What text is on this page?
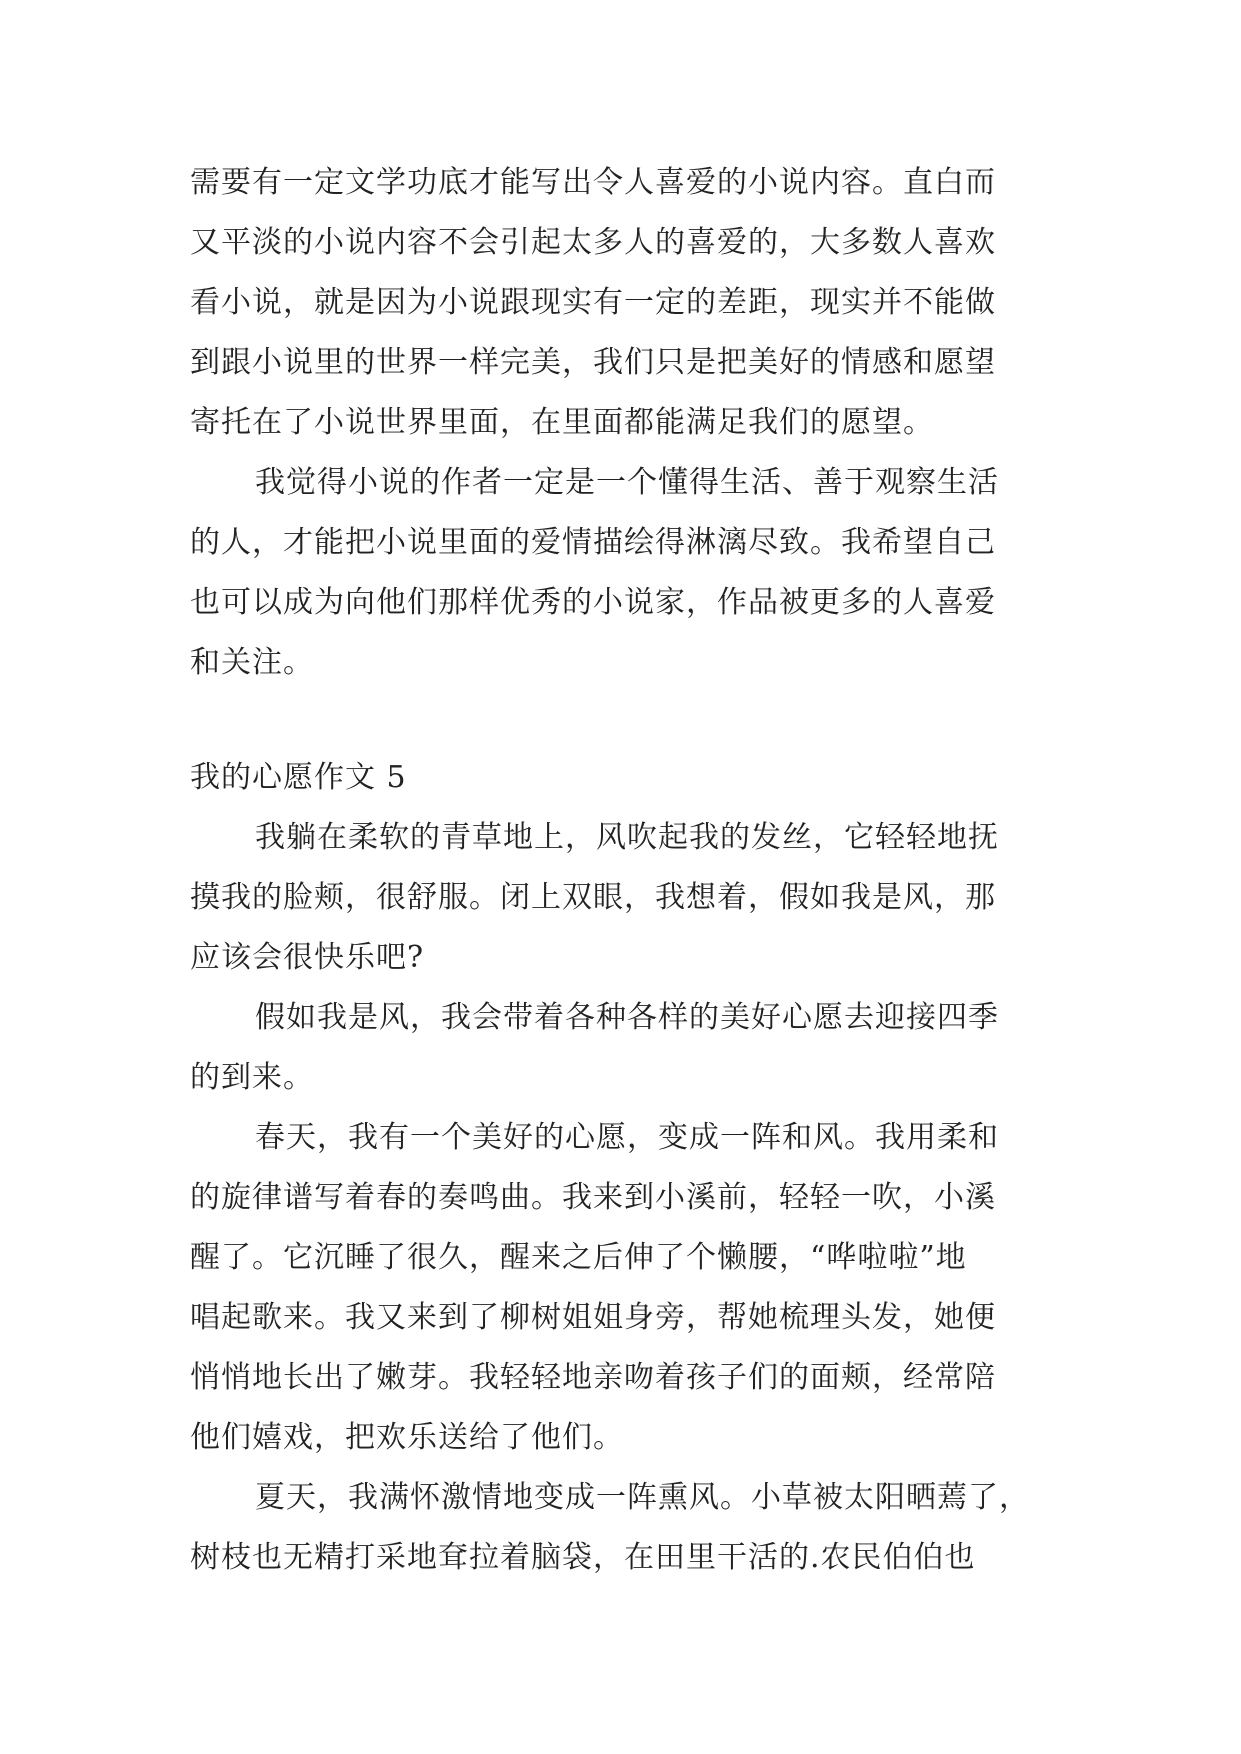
需要有一定文学功底才能写出令人喜爱的小说内容。直白而
又平淡的小说内容不会引起太多人的喜爱的，大多数人喜欢
看小说，就是因为小说跟现实有一定的差距，现实并不能做
到跟小说里的世界一样完美，我们只是把美好的情感和愿望
寄托在了小说世界里面，在里面都能满足我们的愿望。
我觉得小说的作者一定是一个懂得生活、善于观察生活
的人，才能把小说里面的爱情描绘得淋漓尽致。我希望自己
也可以成为向他们那样优秀的小说家，作品被更多的人喜爱
和关注。
我的心愿作文 5
我躺在柔软的青草地上，风吹起我的发丝，它轻轻地抚
摸我的脸颊，很舒服。闭上双眼，我想着，假如我是风，那
应该会很快乐吧?
假如我是风，我会带着各种各样的美好心愿去迎接四季
的到来。
春天，我有一个美好的心愿，变成一阵和风。我用柔和
的旋律谱写着春的奏鸣曲。我来到小溪前，轻轻一吹，小溪
醒了。它沉睡了很久，醒来之后伸了个懒腰，“哗啦啦”地
唱起歌来。我又来到了柳树姐姐身旁，帮她梳理头发，她便
悄悄地长出了嫩芽。我轻轻地亲吻着孩子们的面颊，经常陪
他们嬉戏，把欢乐送给了他们。
夏天，我满怀激情地变成一阵熏风。小草被太阳晒蔫了，
树枝也无精打采地耷拉着脑袋，在田里干活的.农民伯伯也
